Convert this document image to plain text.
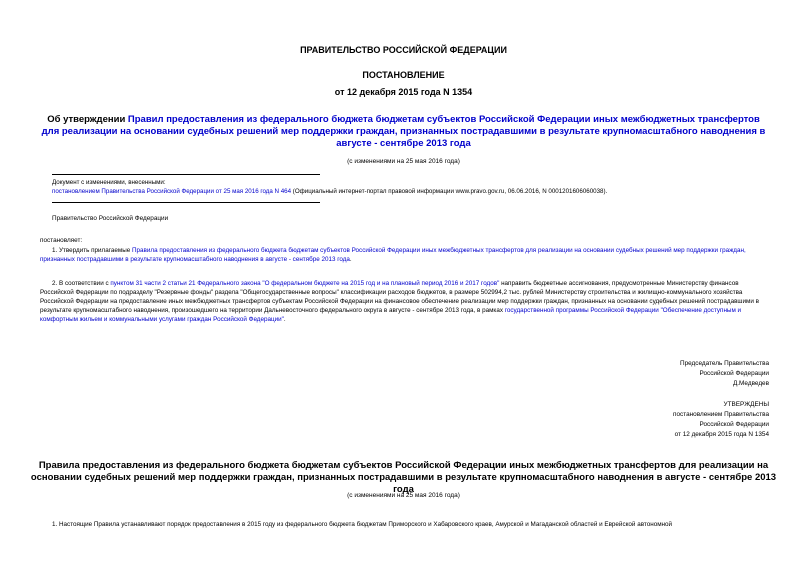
ПРАВИТЕЛЬСТВО РОССИЙСКОЙ ФЕДЕРАЦИИ
ПОСТАНОВЛЕНИЕ
от 12 декабря 2015 года N 1354
Об утверждении Правил предоставления из федерального бюджета бюджетам субъектов Российской Федерации иных межбюджетных трансфертов для реализации на основании судебных решений мер поддержки граждан, признанных пострадавшими в результате крупномасштабного наводнения в августе - сентябре 2013 года
(с изменениями на 25 мая 2016 года)
Документ с изменениями, внесенными:
постановлением Правительства Российской Федерации от 25 мая 2016 года N 464 (Официальный интернет-портал правовой информации www.pravo.gov.ru, 06.06.2016, N 0001201606060038).
Правительство Российской Федерации
постановляет:
1. Утвердить прилагаемые Правила предоставления из федерального бюджета бюджетам субъектов Российской Федерации иных межбюджетных трансфертов для реализации на основании судебных решений мер поддержки граждан, признанных пострадавшими в результате крупномасштабного наводнения в августе - сентябре 2013 года.
2. В соответствии с пунктом 31 части 2 статьи 21 Федерального закона "О федеральном бюджете на 2015 год и на плановый период 2016 и 2017 годов" направить бюджетные ассигнования, предусмотренные Министерству финансов Российской Федерации по подразделу "Резервные фонды" раздела "Общегосударственные вопросы" классификации расходов бюджетов, в размере 502994,2 тыс. рублей Министерству строительства и жилищно-коммунального хозяйства Российской Федерации на предоставление иных межбюджетных трансфертов субъектам Российской Федерации на финансовое обеспечение реализации мер поддержки граждан, признанных на основании судебных решений пострадавшими в результате крупномасштабного наводнения, произошедшего на территории Дальневосточного федерального округа в августе - сентябре 2013 года, в рамках государственной программы Российской Федерации "Обеспечение доступным и комфортным жильем и коммунальными услугами граждан Российской Федерации".
Председатель Правительства
Российской Федерации
Д.Медведев
УТВЕРЖДЕНЫ
постановлением Правительства
Российской Федерации
от 12 декабря 2015 года N 1354
Правила предоставления из федерального бюджета бюджетам субъектов Российской Федерации иных межбюджетных трансфертов для реализации на основании судебных решений мер поддержки граждан, признанных пострадавшими в результате крупномасштабного наводнения в августе - сентябре 2013 года
(с изменениями на 25 мая 2016 года)
1. Настоящие Правила устанавливают порядок предоставления в 2015 году из федерального бюджета бюджетам Приморского и Хабаровского краев, Амурской и Магаданской областей и Еврейской автономной
